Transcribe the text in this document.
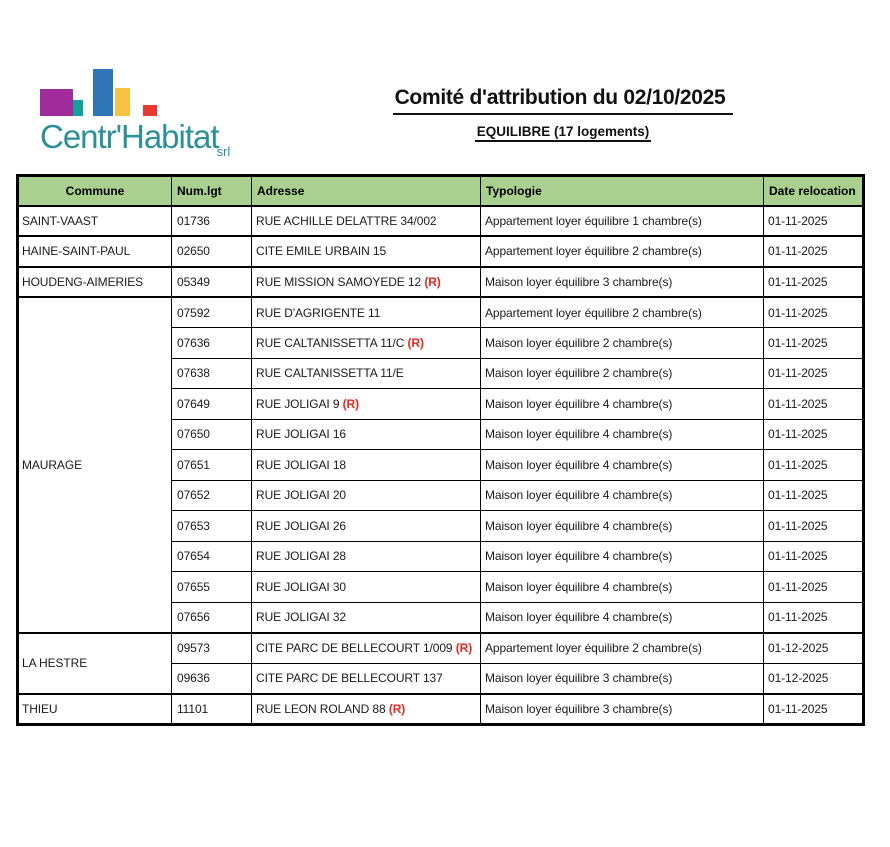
Centr'Habitat$_{srl}$
Comité d'attribution du 02/10/2025
EQUILIBRE (17 logements)
Commune	Num.lgt	Adresse	Typologie	Date relocation
SAINT-VAAST	01736	RUE ACHILLE DELATTRE 34/002	Appartement loyer équilibre 1 chambre(s)	01-11-2025
HAINE-SAINT-PAUL	02650	CITE EMILE URBAIN 15	Appartement loyer équilibre 2 chambre(s)	01-11-2025
HOUDENG-AIMERIES	05349	RUE MISSION SAMOYEDE 12 (R)	Maison loyer équilibre 3 chambre(s)	01-11-2025
MAURAGE	07592	RUE D'AGRIGENTE 11	Appartement loyer équilibre 2 chambre(s)	01-11-2025
	07636	RUE CALTANISSETTA 11/C (R)	Maison loyer équilibre 2 chambre(s)	01-11-2025
	07638	RUE CALTANISSETTA 11/E	Maison loyer équilibre 2 chambre(s)	01-11-2025
	07649	RUE JOLIGAI 9 (R)	Maison loyer équilibre 4 chambre(s)	01-11-2025
	07650	RUE JOLIGAI 16	Maison loyer équilibre 4 chambre(s)	01-11-2025
	07651	RUE JOLIGAI 18	Maison loyer équilibre 4 chambre(s)	01-11-2025
	07652	RUE JOLIGAI 20	Maison loyer équilibre 4 chambre(s)	01-11-2025
	07653	RUE JOLIGAI 26	Maison loyer équilibre 4 chambre(s)	01-11-2025
	07654	RUE JOLIGAI 28	Maison loyer équilibre 4 chambre(s)	01-11-2025
	07655	RUE JOLIGAI 30	Maison loyer équilibre 4 chambre(s)	01-11-2025
	07656	RUE JOLIGAI 32	Maison loyer équilibre 4 chambre(s)	01-11-2025
LA HESTRE	09573	CITE PARC DE BELLECOURT 1/009 (R)	Appartement loyer équilibre 2 chambre(s)	01-12-2025
	09636	CITE PARC DE BELLECOURT 137	Maison loyer équilibre 3 chambre(s)	01-12-2025
THIEU	11101	RUE LEON ROLAND 88 (R)	Maison loyer équilibre 3 chambre(s)	01-11-2025
